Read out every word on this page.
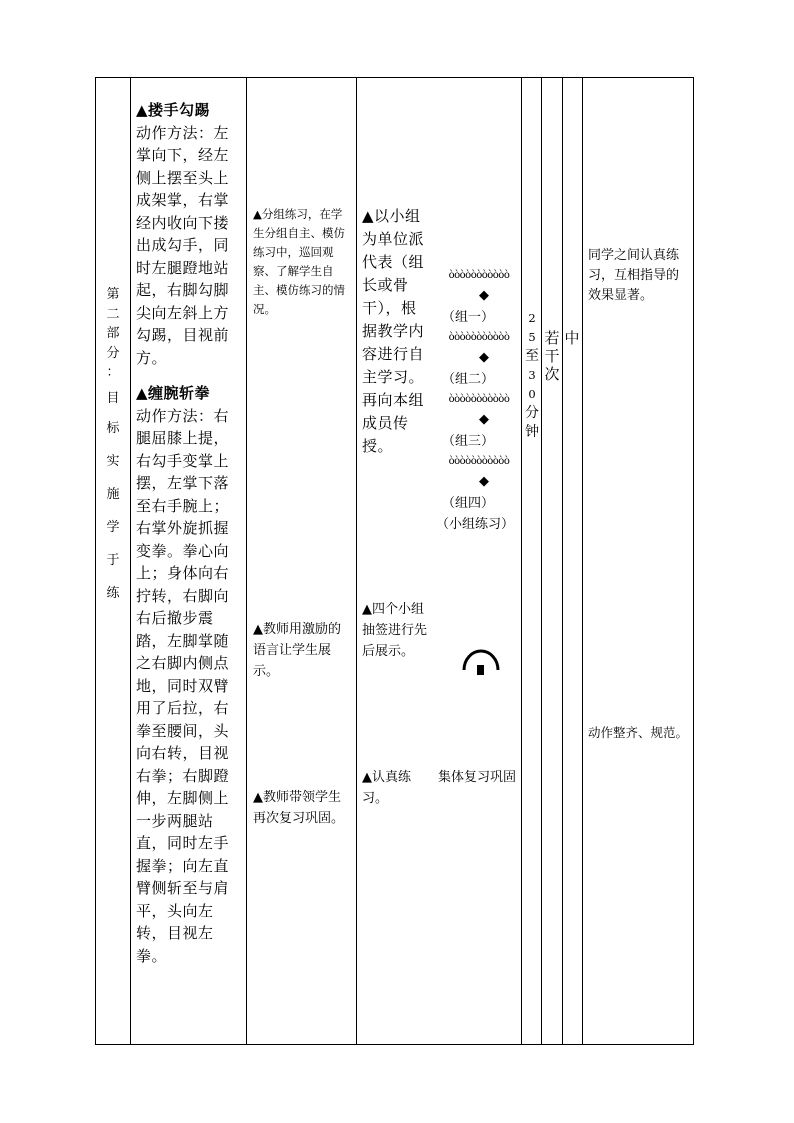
第
二
部
分
：
目
标
实
施
学
于
练
▲搂手勾踢
动作方法：左掌向下，经左侧上摆至头上成架掌，右掌经内收向下搂出成勾手，同时左腿蹬地站起，右脚勾脚尖向左斜上方勾踢，目视前方。
▲缠腕斩拳
动作方法：右腿屈膝上提，右勾手变掌上摆，左掌下落至右手腕上；右掌外旋抓握变拳。拳心向上；身体向右拧转，右脚向右后撤步震踏，左脚掌随之右脚内侧点地，同时双臂用了后拉，右拳至腰间，头向右转，目视右拳；右脚蹬伸，左脚侧上一步两腿站直，同时左手握拳；向左直臂侧斩至与肩平，头向左转，目视左拳。
▲分组练习，在学生分组自主、模仿练习中，巡回观察、了解学生自主、模仿练习的情况。
▲教师用激励的语言让学生展示。
▲教师带领学生再次复习巩固。
▲以小组为单位派代表（组长或骨干），根据教学内容进行自主学习。再向本组成员传授。
▲四个小组抽签进行先后展示。
▲认真练习。
òòòòòòòòòòò
◆
（组一）
òòòòòòòòòòò
◆
（组二）
òòòòòòòòòòò
◆
（组三）
òòòòòòòòòòò
◆
（组四）
（小组练习）
集体复习巩固
2
5
至
3
0
分
钟
若
干
次
中
同学之间认真练习，互相指导的效果显著。
动作整齐、规范。
